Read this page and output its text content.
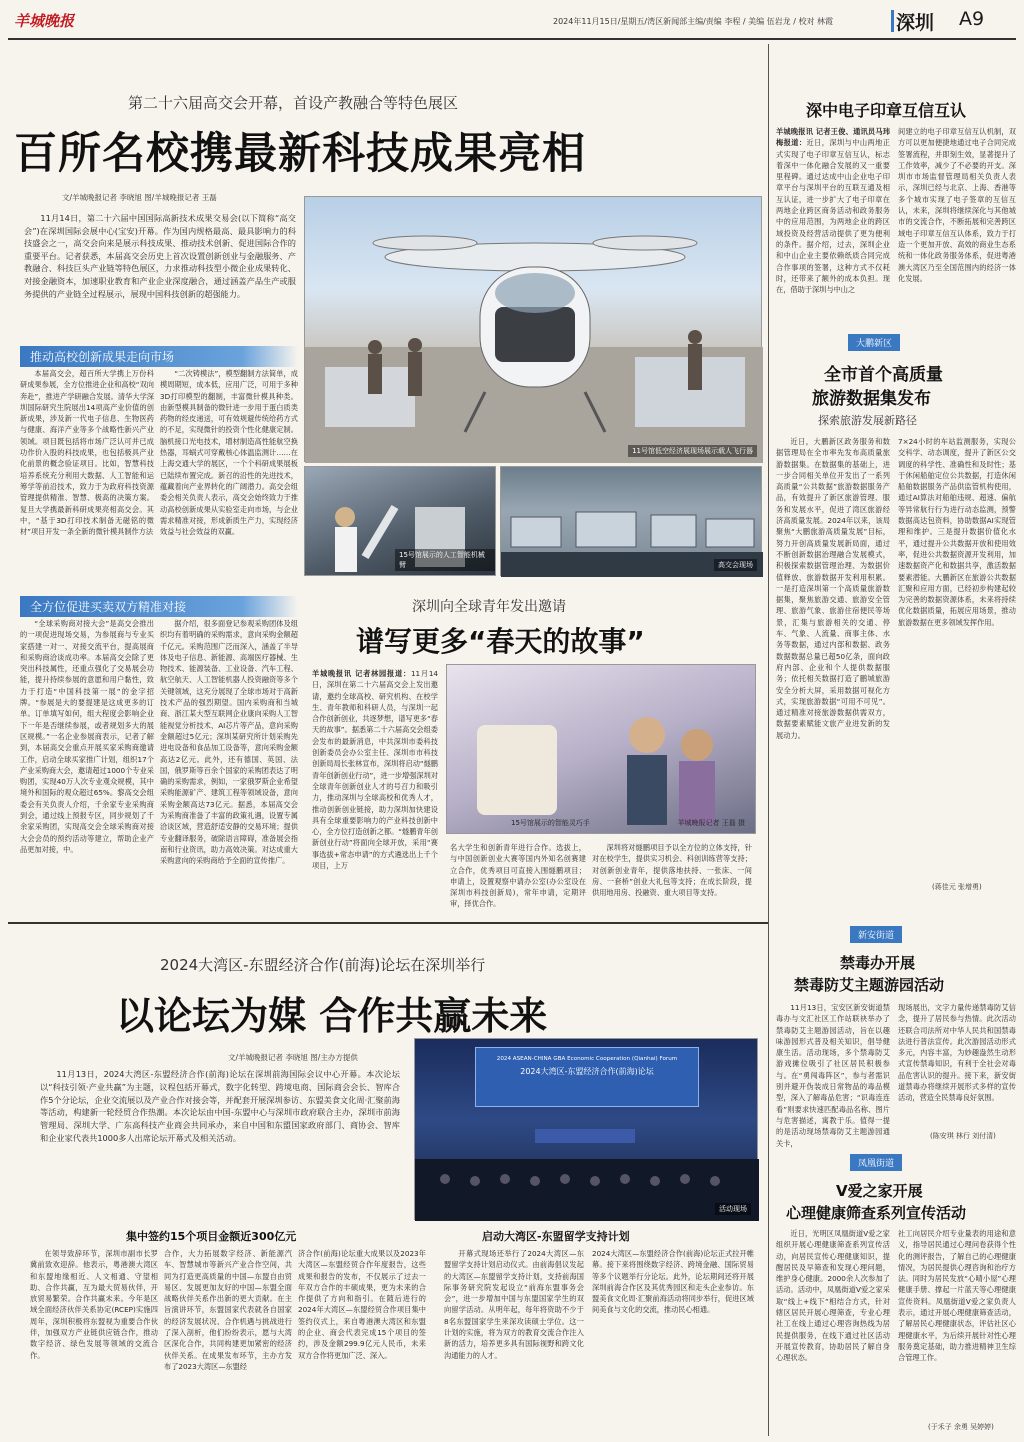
羊城晚报	2024年11月15日/星期五/湾区新闻部主编/责编 李程 / 美编 伍岩龙 / 校对 林霞	深圳 A9
第二十六届高交会开幕，首设产教融合等特色展区
百所名校携最新科技成果亮相
文/羊城晚报记者 李晓旭 图/羊城晚报记者 王磊
11月14日，第二十六届中国国际高新技术成果交易会(以下简称“高交会”)在深圳国际会展中心(宝安)开幕。作为国内规格最高、最具影响力的科技盛会之一，高交会向来是展示科技成果、推动技术创新、促进国际合作的重要平台。记者获悉，本届高交会历史上首次设置创新创业与金融服务、产教融合、科技巨头产业链等特色展区，力求推动科技型小微企业成果转化、对接金融资本，加速职业教育和产业企业深度融合，通过涵盖产品生产或服务提供的产业链全过程展示，展现中国科技创新的超强能力。
推动高校创新成果走向市场
本届高交会，超百所大学携上万份科研成果参展，全方位推进企业和高校“双向奔赴”，推进产学研融合发展。清华大学深圳国际研究生院展出14项高产业价值的创新成果，涉及新一代电子信息、生物医药与健康、海洋产业等多个战略性新兴产业领域。项目既包括将市场广泛认可并已成功作价入股的科技成果，也包括极具产业化前景的概念验证项目。比如，智慧科技培养系统充分利用大数据、人工智能和运筹学等前沿技术，致力于为政府科技资源管理提供精准、智慧、极高的决策方案。复旦大学携最新科研成果亮相高交会。其中，“基于3D打印技术制备无磁铭的微材”项目开发一条全新的微针模具制作方法
“二次铸模法”，模型翻制方法简单，成模周期短，成本低，应用广泛，可用于多种3D打印模型的翻制，丰富微针模具种类。由新型模具制备的微针进一步用于蛋白质类药物的经皮递送，可有效规避传统给药方式的不足，实现微针的投资个性化健康定制。脑机接口光电技术，增材制造高性能航空换热器，耳蜗式可穿戴核心体温监测计……在上海交通大学的展区，一个个科研成果展板已陆续布置完成。新召的沿性的先进技术，蕴藏着向产业界转化的广阔潜力。高交会组委会相关负责人表示，高交会始终致力于推动高校创新成果从实验室走向市场，与企业需求精准对接，形成新质生产力，实现经济效益与社会效益的双赢。
全方位促进买卖双方精准对接
“全球采购商对接大会”是高交会推出的一项促进现场交易，为参展商与专业买家搭建一对一、对接交流平台，提高展商和采购商洽谈成功率。本届高交会除了更突出科技属性，还重点强化了交易展会功能，提升持续参展的意愿和用户黏性，致力于打造“中国科技第一展”的金字招牌。“参展是大的要提建是这成更多的订单。订单填写如何，组大程度会影响企业下一年是否继续参展，或者规划多大的展区规模。”一名企业参展商表示，记者了解到，本届高交会重点开展买家采购商邀请工作，启动全球买家推广计划，组织17个产业采购商大会，邀请超过1000个专业采购团，实现40万人次专业观众规模，其中境外和国际的观众超过65%。黎高交会组委会有关负责人介绍，千余家专业采购商到会，通过线上预报专区，同步规划了千余家采购团，实现高交会全球采购商对接大会会员的预约活动等建立，帮助企业产品更加对接，中。
据介绍，很多面登记参观采购团体及组织均有着明确的采购需求，意向采购金额超千亿元。采购范围广泛而深入，涵盖了半导体及电子信息、新能源、高端医疗器械、生物技术、能源装备、工业设备、汽车工程、航空航天、人工智能机器人投资融资等多个关键领域，这充分展现了全球市场对于高新技术产品的强烈期望。国内采购商和当城商、浙江某大型互联网企业康向采购人工智能视觉分析技术、AI芯片等产品，意向采购金额超过5亿元；深圳某研究所计划采购先进电设备和食品加工设备等，意向采购金额高达2亿元。此外，还有德国、英国、法国，俄罗斯等百余个国家的采购团表达了明确的采购需求，例如，一家俄罗斯企业希望采购能源矿产、建筑工程等领域设备，意向采购金额高达73亿元。据悉，本届高交会为采购商准备了丰富的政策礼遇，设置专属洽谈区域，营造舒适安静的交易环境；提供专业翻译服务，破除语言障碍，准备展会指南和行业资讯，助力高效决策。对达成重大采购意向的采购商给予全面的宣传推广。
11号馆低空经济展现场展示载人飞行器
15号馆展示的人工智能机械臂	高交会现场
深圳向全球青年发出邀请
谱写更多“春天的故事”
羊城晚报讯 记者林园报道：11月14日，深圳在第二十六届高交会上发出邀请，邀约全球高校、研究机构、在校学生、青年教师和科研人员，与深圳一起合作创新创业，共逐梦想，谱写更多“春天的故事”。据悉第二十六届高交会组委会发布的最新消息，中共深圳市委科技创新委员会办公室主任、深圳市市科技创新局局长张林宣布，深圳将启动“燧鹏青年创新创业行动”，进一步增强深圳对全球青年创新创业人才的号召力和吸引力，推动深圳与全球高校和优秀人才，推动创新创业链接，助力深圳加快建设具有全球重要影响力的产业科技创新中心，全方位打造创新之都。“燧鹏青年创新创业行动”将面向全球开放，采用“赛事选拔+常态申请”的方式遴选出上千个项目，上万
15号馆展示的智能灵巧手	羊城晚报记者 王磊 摄
名大学生和创新青年进行合作。选拔上，与中国创新创业大赛等国内外知名创赛建立合作，优秀项目可直接入围燧鹏项目；申请上，设置观察中请办公室(办公室设在深圳市科技创新局)，常年申请，定期评审，择优合作。
深圳将对燧鹏项目予以全方位的立体支持，针对在校学生，提供实习机会、科创训练营等支持；对创新创业青年，提供落地扶持、一张床、一间房、一套桥”创业大礼包等支持；在成长阶段，提供用地用房、投融资、重大项目等支持。
2024大湾区-东盟经济合作(前海)论坛在深圳举行
以论坛为媒 合作共赢未来
文/羊城晚报记者 李晓旭 图/主办方提供
11月13日，2024大湾区-东盟经济合作(前海)论坛在深圳前海国际会议中心开幕。本次论坛以“科技引领·产业共赢”为主题，议程包括开幕式，数字化转型、跨境电商、国际商会会长、智库合作5个分论坛，企业交流展以及产业合作对接会等，并配套开展深圳参访、东盟美食文化周·汇聚前海等活动，构建新一轮经贸合作热潮。本次论坛由中国-东盟中心与深圳市政府联合主办，深圳市前海管理局、深圳大学、广东高科技产业商会共同承办，来自中国和东盟国家政府部门、商协会、智库和企业家代表共1000多人出席论坛开幕式及相关活动。
2024 ASEAN-CHINA GBA Economic Cooperation (Qianhai) Forum
2024大湾区-东盟经济合作(前海)论坛
活动现场
集中签约15个项目金额近300亿元	启动大湾区-东盟留学支持计划
在领导致辞环节，深圳市副市长罗冀前致欢迎辞。他表示，粤港澳大湾区和东盟地缘相近、人文相通、守望相助、合作共赢，互为最大贸易伙伴，开放贸易繁荣。合作共赢未来。今年是区域全面经济伙伴关系协定(RCEP)实施四周年，深圳积极将东盟视为重要合作伙伴，加强双方产业链供应链合作，推动数字经济、绿色发展等领域的交流合作。
合作，大力拓展数字经济、新能源汽车、智慧城市等新兴产业合作空间，共同为打造更高质量的中国—东盟自由贸易区、发展更加友好的中国—东盟全面战略伙伴关系作出新的更大贡献。在主旨演讲环节，东盟国家代表就各自国家的经济发展状况、合作机遇与挑战进行了深入剖析，他们纷纷表示，愿与大湾区深化合作，共同构建更加紧密的经济伙伴关系。在成果发布环节，主办方发布了2023大湾区—东盟经
济合作(前海)论坛重大成果以及2023年大湾区—东盟经贸合作年度报告，这些成果和报告的发布，不仅展示了过去一年双方合作的丰硕成果，更为未来的合作提供了方向和指引。在随后进行的2024年大湾区—东盟经贸合作项目集中签约仪式上，来自粤港澳大湾区和东盟的企业、商会代表完成15个项目的签约，涉及金额299.9亿元人民币，未来双方合作将更加广泛、深入。
开幕式现场还举行了2024大湾区—东盟留学支持计划启动仪式。由前海倡议发起的大湾区—东盟留学支持计划，支持前海国际事务研究院发起设立“前海东盟事务会会”，进一步增加中国与东盟国家学生的双向留学活动。从明年起，每年将资助不少于8名东盟国家学生来深攻读硕士学位。这一计划的实施，将为双方的教育交流合作注入新的活力，培养更多具有国际视野和跨文化沟通能力的人才。
2024大湾区—东盟经济合作(前海)论坛正式拉开帷幕。接下来将围绕数字经济、跨境金融、国际贸易等多个议题举行分论坛。此外，论坛期间还将开展深圳前海合作区及其优秀园区和走头企业参访。东盟美食文化周·汇聚前海活动将同步举行，促进区域间美食与文化的交流，推动民心相通。
深中电子印章互信互认
羊城晚报讯 记者王俊、通讯员马玮梅报道：近日，深圳与中山两地正式实现了电子印章互信互认，标志着深中一体化融合发展的又一重要里程碑。通过达成中山企业电子印章平台与深圳平台的互联互通及相互认证，进一步扩大了电子印章在两地企业跨区商务活动和政务服务中的应用范围，为两地企业的跨区域投资及经营活动提供了更为便利的条件。据介绍，过去，深圳企业和中山企业主要依赖纸质合同完成合作事项的签署，这种方式不仅耗时，还带来了额外的成本负担。现在，借助于深圳与中山之
间建立的电子印章互信互认机制，双方可以更加便捷地通过电子合同完成签署流程，并即刻生效，显著提升了工作效率，减少了不必要的开支。深圳市市场监督管理局相关负责人表示，深圳已经与北京、上海、香港等多个城市实现了电子签章的互信互认，未来，深圳将继续深化与其他城市的交流合作，不断拓展和完善跨区域电子印章互信互认体系，致力于打造一个更加开放、高效的商业生态系统和一体化政务服务体系，促进粤港澳大湾区乃至全国范围内的经济一体化发展。
大鹏新区
全市首个高质量
旅游数据集发布
探索旅游发展新路径
近日，大鹏新区政务服务和数据管理局在全市率先发布高质量旅游数据集。在数据集的基础上，进一步合同相关单位开发出了一系列高质量“公共数据”旅游数据服务产品，有效提升了新区旅游管理、服务和发展水平，促进了湾区旅游经济高质量发展。2024年以来，该局聚焦“大鹏旅游高质量发展”目标，努力开创高质量发展新局面，通过不断创新数据治理融合发展模式，积极探索数据管理治理、为数据价值释放、旅游数据开发利用积累。一是打造深圳第一个高质量旅游数据集，聚焦旅游交通、旅游安全管理、旅游气象、旅游住宿便民等场景，汇集与旅游相关的交通、停车、气象、人流量、商事主体、水务等数据，通过内部和数据、政务数据数据总量已超50亿条，面向政府内部、企业和个人提供数据服务；依托相关数据打造了鹏城旅游安全分析大屏，采用数据可视化方式，实现旅游数据“可用不可见”。通过精准对接旅游数据供需双方，数据要素赋能文旅产业进发新的发展动力。
7×24小时的车站监测服务，实现公交科学、动态调度，提升了新区公交调度的科学性、准确性和及时性；基于休闲船舶定位公共数据，打造休闲船舶数据服务产品供监管机构使用，通过AI算法对船舶违规、超速、偏航等异常航行行为进行动态监测，预警数据高达包资料，协助数据AI实现管理和维护。三是提升数据价值化水平，通过提升公共数据开放和使用效率，促进公共数据资源开发利用，加速数据资产化和数据共享，激活数据要素潜能。大鹏新区在旅游公共数据汇聚和应用方面，已经初步构建起较为完善的数据资源体系，未来将持续优化数据质量，拓展应用场景，推动旅游数据在更多领域发挥作用。
(蒋佳元 张增勇)
新安街道
禁毒办开展
禁毒防艾主题游园活动
11月13日，宝安区新安街道禁毒办与文汇社区工作站联袂举办了禁毒防艾主题游园活动，旨在以趣味游园形式普及相关知识，倡导健康生活。活动现场，多个禁毒防艾游戏摊位吸引了社区居民积极参与。在“勇闯毒阵区”，参与者需识别并避开伪装成日常物品的毒品模型，深入了解毒品危害；“识毒连连看”则要求快速匹配毒品名称、图片与危害描述，寓教于乐。值得一提的是活动现场禁毒防艾主题游园通关卡，
现场展出，文字力量传递禁毒防艾信念，提升了居民参与热情。此次活动还联合司法所对中华人民共和国禁毒法进行普法宣传。此次游园活动形式多元，内容丰富，为妙趣盎然生动形式宣传禁毒知识，有利于全社会对毒品危害认识的提升。接下来，新安街道禁毒办将继续开展形式多样的宣传活动，营造全民禁毒良好氛围。
(陈安琪 林行 刘付清)
凤凰街道
V爱之家开展
心理健康筛查系列宣传活动
近日，光明区凤凰街道V爱之家组织开展心理健康筛查系列宣传活动，向居民宣传心理健康知识，提醒居民及早筛查和发现心理问题，维护身心健康。2000余人次参加了活动。活动中，凤凰街道V爱之家采取“线上+线下”相结合方式，针对辖区居民开展心理筛查，专业心理社工在线上通过心理咨询热线为居民提供服务，在线下通过社区活动开展宣传教育，协助居民了解自身心理状态。
社工向居民介绍专业量表的用途和意义，指导居民通过心理问卷获得个性化的测评报告，了解自己的心理健康情况，为居民提供心理咨询和治疗方法。同时为居民发放“心晴小屋”心理健康手册、撑起一片蓝天等心理健康宣传资料。凤凰街道V爱之家负责人表示，通过开展心理健康筛查活动，了解居民心理健康状态，评估社区心理健康水平，为后续开展针对性心理服务奠定基础，助力推进精神卫生综合管理工作。
(于禾子 余勇 吴婷婷)
